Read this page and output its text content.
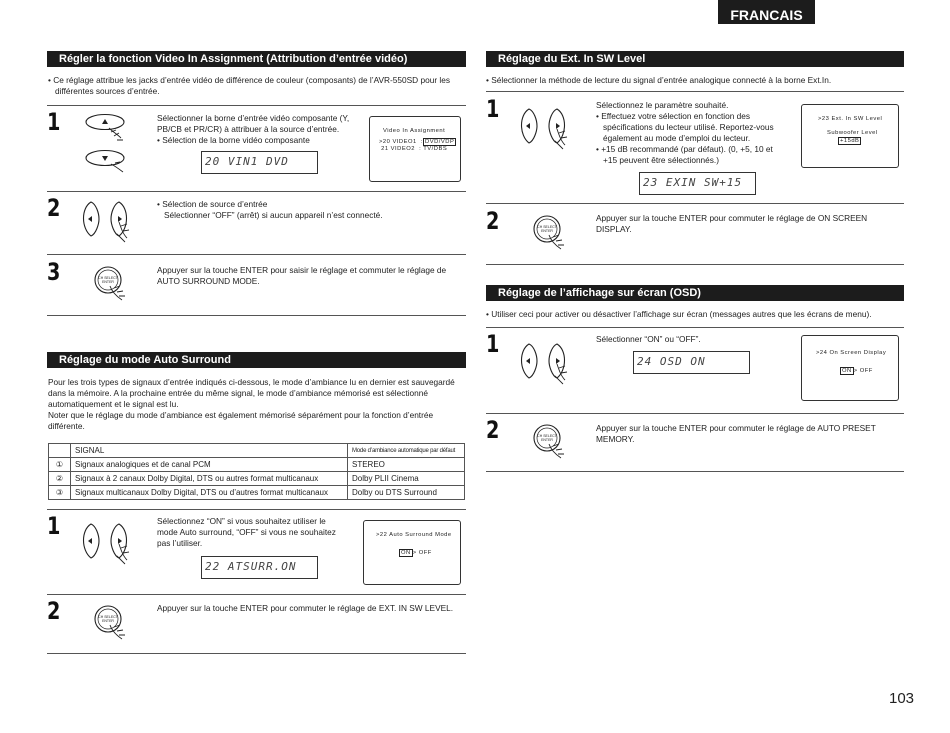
FRANCAIS
Régler la fonction Video In Assignment (Attribution d’entrée vidéo)
• Ce réglage attribue les jacks d’entrée vidéo de différence de couleur (composants) de l’AVR-550SD pour les
différentes sources d’entrée.
1	Sélectionner la borne d’entrée vidéo composante (Y,
PB/CB et PR/CR) à attribuer à la source d’entrée.
• Sélection de la borne vidéo composante
20 VIN1 DVD
Video In Assignment
>20 VIDEO1  : DVD/VDP
21 VIDEO2  : TV/DBS
2	• Sélection de source d’entrée
Sélectionner “OFF” (arrêt) si aucun appareil n’est connecté.
3	CH SELECT
ENTER
Appuyer sur la touche ENTER pour saisir le réglage et commuter le réglage de
AUTO SURROUND MODE.
Réglage du mode Auto Surround
Pour les trois types de signaux d’entrée indiqués ci-dessous, le mode d’ambiance lu en dernier est sauvegardé
dans la mémoire. A la prochaine entrée du même signal, le mode d’ambiance mémorisé est sélectionné
automatiquement et le signal est lu.
Noter que le réglage du mode d’ambiance est également mémorisé séparément pour la fonction d’entrée
différente.
	SIGNAL	Mode d’ambiance automatique par défaut
①	Signaux analogiques et de canal PCM	STEREO
②	Signaux à 2 canaux Dolby Digital, DTS ou autres format multicanaux	Dolby PLII Cinema
③	Signaux multicanaux Dolby Digital, DTS ou d’autres format multicanaux	Dolby ou DTS Surround
1	Sélectionnez “ON” si vous souhaitez utiliser le
mode Auto surround, “OFF” si vous ne souhaitez
pas l’utiliser.
22 ATSURR.ON
>22 Auto Surround Mode
ON > OFF
2	CH SELECT
ENTER
Appuyer sur la touche ENTER pour commuter le réglage de EXT. IN SW LEVEL.
Réglage du Ext. In SW Level
• Sélectionner la méthode de lecture du signal d’entrée analogique connecté à la borne Ext.In.
1	Sélectionnez le paramètre souhaité.
• Effectuez votre sélection en fonction des
spécifications du lecteur utilisé. Reportez-vous
également au mode d’emploi du lecteur.
• +15 dB recommandé (par défaut). (0, +5, 10 et
+15 peuvent être sélectionnés.)
23 EXIN SW+15
>23 Ext. In SW Level
Subwoofer Level
+15dB
2	CH SELECT
ENTER
Appuyer sur la touche ENTER pour commuter le réglage de ON SCREEN DISPLAY.
Réglage de l’affichage sur écran (OSD)
• Utiliser ceci pour activer ou désactiver l’affichage sur écran (messages autres que les écrans de menu).
1	Sélectionner “ON” ou “OFF”.
24 OSD ON
>24 On Screen Display
ON > OFF
2	CH SELECT
ENTER
Appuyer sur la touche ENTER pour commuter le réglage de AUTO PRESET
MEMORY.
103
